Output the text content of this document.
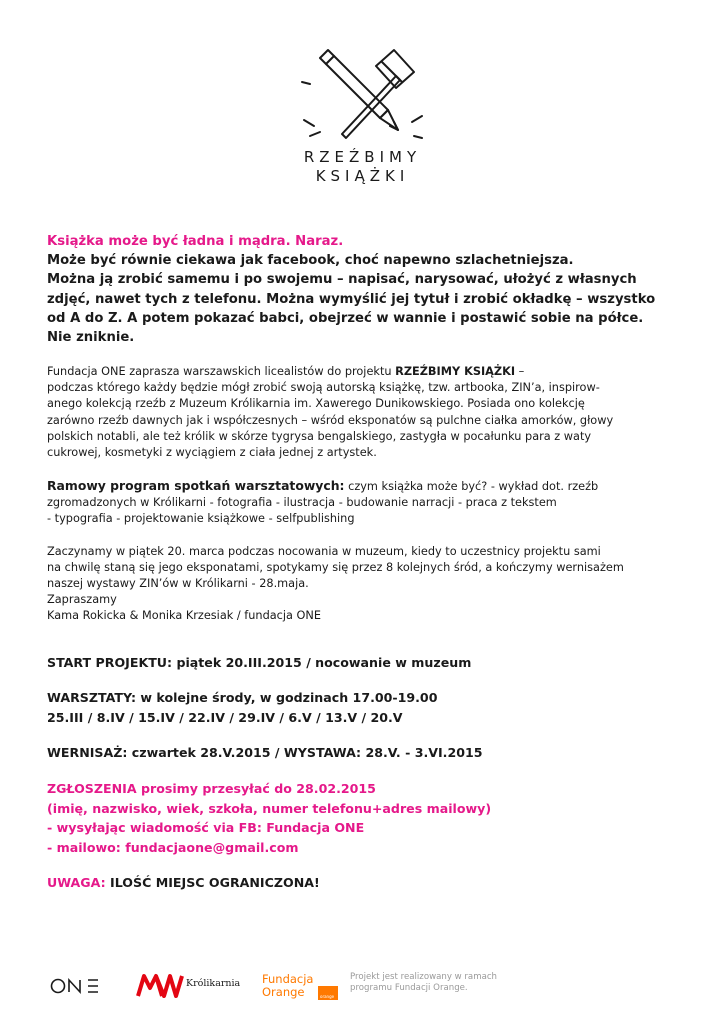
RZEŹBIMY
KSIĄŻKI

Książka może być ładna i mądra. Naraz.

Może być równie ciekawa jak facebook, choć napewno szlachetniejsza.

Można ją zrobić samemu i po swojemu – napisać, narysować, ułożyć z własnych

zdjęć, nawet tych z telefonu. Można wymyślić jej tytuł i zrobić okładkę – wszystko

od A do Z. A potem pokazać babci, obejrzeć w wannie i postawić sobie na półce.

Nie zniknie.

Fundacja ONE zaprasza warszawskich licealistów do projektu RZEŹBIMY KSIĄŻKI –

podczas którego każdy będzie mógł zrobić swoją autorską książkę, tzw. artbooka, ZIN’a, inspirow-

anego kolekcją rzeźb z Muzeum Królikarnia im. Xawerego Dunikowskiego. Posiada ono kolekcję

zarówno rzeźb dawnych jak i współczesnych – wśród eksponatów są pulchne ciałka amorków, głowy

polskich notabli, ale też królik w skórze tygrysa bengalskiego, zastygła w pocałunku para z waty

cukrowej, kosmetyki z wyciągiem z ciała jednej z artystek.

Ramowy program spotkań warsztatowych: czym książka może być? - wykład dot. rzeźb

zgromadzonych w Królikarni - fotografia - ilustracja - budowanie narracji - praca z tekstem

- typografia - projektowanie książkowe - selfpublishing

Zaczynamy w piątek 20. marca podczas nocowania w muzeum, kiedy to uczestnicy projektu sami

na chwilę staną się jego eksponatami, spotykamy się przez 8 kolejnych śród, a kończymy wernisażem

naszej wystawy ZIN’ów w Królikarni - 28.maja.

Zapraszamy

Kama Rokicka & Monika Krzesiak / fundacja ONE

START PROJEKTU: piątek 20.III.2015 / nocowanie w muzeum

WARSZTATY: w kolejne środy, w godzinach 17.00-19.00

25.III / 8.IV / 15.IV / 22.IV / 29.IV / 6.V / 13.V / 20.V

WERNISAŻ: czwartek 28.V.2015 / WYSTAWA: 28.V. - 3.VI.2015

ZGŁOSZENIA prosimy przesyłać do 28.02.2015

(imię, nazwisko, wiek, szkoła, numer telefonu+adres mailowy)

- wysyłając wiadomość via FB: Fundacja ONE

- mailowo: fundacjaone@gmail.com

UWAGA: ILOŚĆ MIEJSC OGRANICZONA!

Królikarnia Fundacja
Orange	orange
Projekt jest realizowany w ramach
programu Fundacji Orange.
